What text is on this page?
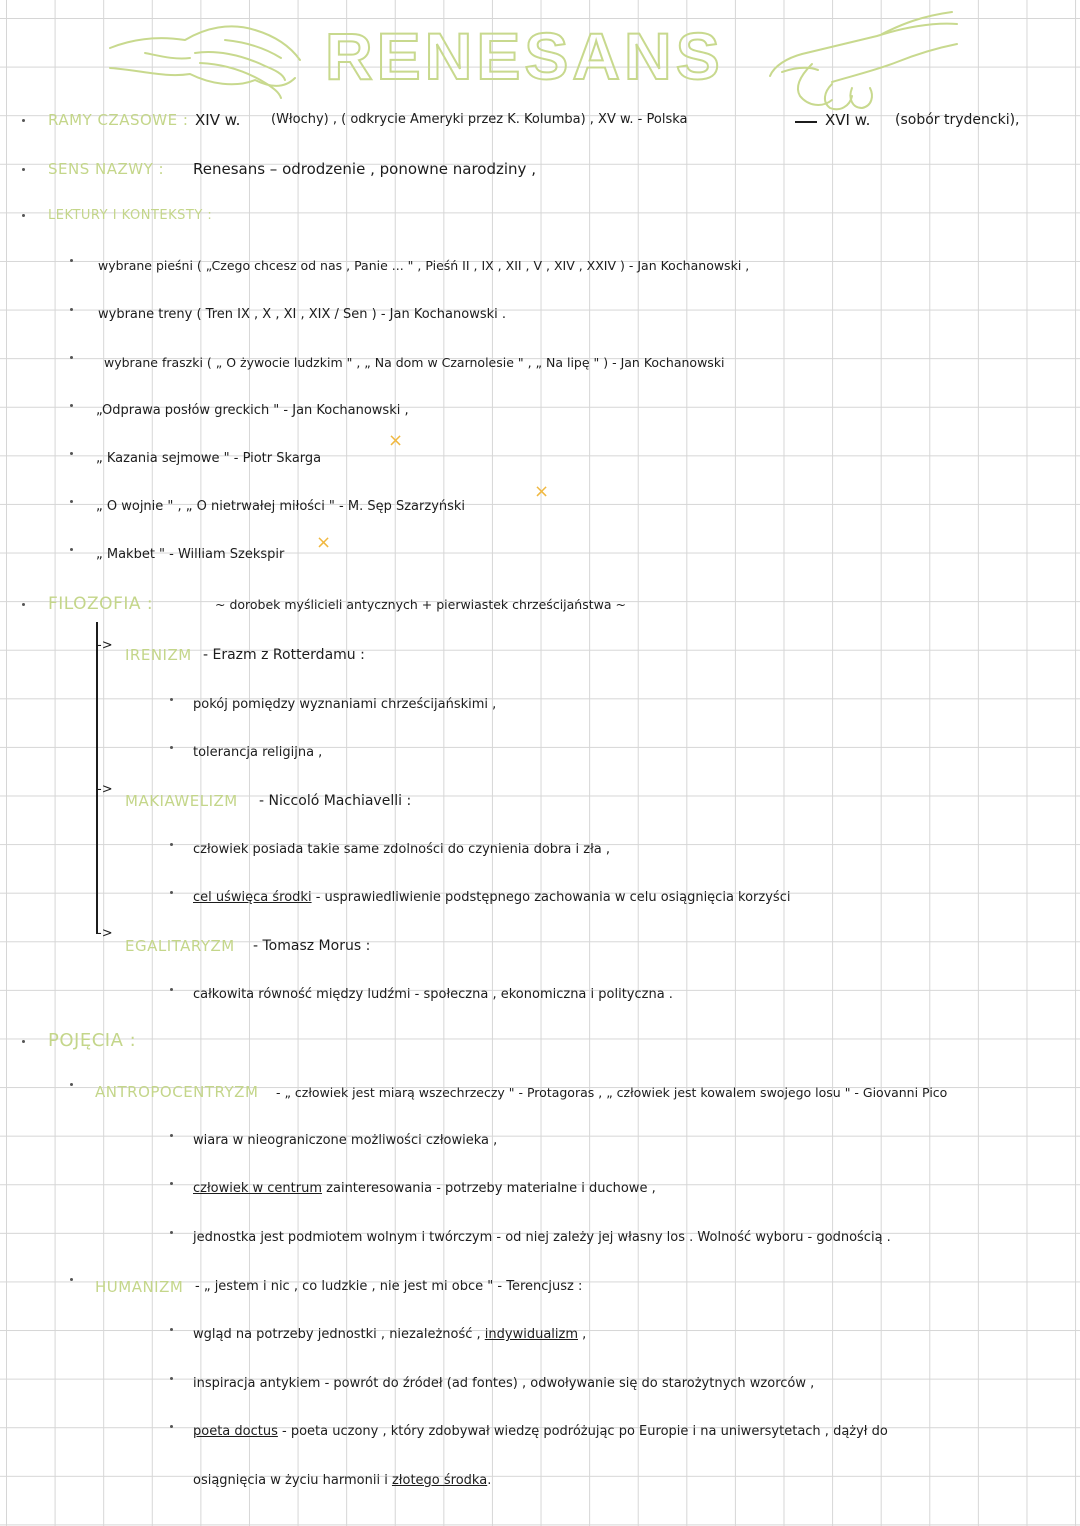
RENESANS
RAMY CZASOWE : XIV w. (Włochy) , ( odkrycie Ameryki przez K. Kolumba) , XV w. - Polska	XVI w. (sobór trydencki),
SENS NAZWY : Renesans – odrodzenie , ponowne narodziny ,
LEKTURY I KONTEKSTY :
wybrane pieśni ( „Czego chcesz od nas , Panie ... " , Pieśń II , IX , XII , V , XIV , XXIV ) - Jan Kochanowski ,
wybrane treny ( Tren IX , X , XI , XIX / Sen ) - Jan Kochanowski .
wybrane fraszki ( „ O żywocie ludzkim " , „ Na dom w Czarnolesie " , „ Na lipę " ) - Jan Kochanowski
„Odprawa posłów greckich " - Jan Kochanowski ,
„ Kazania sejmowe " - Piotr Skarga
„ O wojnie " , „ O nietrwałej miłości " - M. Sęp Szarzyński
„ Makbet " - William Szekspir
×
×
×
FILOZOFIA :	~ dorobek myślicieli antycznych + pierwiastek chrześcijaństwa ~
->
->
->
IRENIZM - Erazm z Rotterdamu :
pokój pomiędzy wyznaniami chrześcijańskimi ,
tolerancja religijna ,
MAKIAWELIZM - Niccoló Machiavelli :
człowiek posiada takie same zdolności do czynienia dobra i zła ,
cel uświęca środki - usprawiedliwienie podstępnego zachowania w celu osiągnięcia korzyści
EGALITARYZM - Tomasz Morus :
całkowita równość między ludźmi - społeczna , ekonomiczna i polityczna .
POJĘCIA :
ANTROPOCENTRYZM - „ człowiek jest miarą wszechrzeczy " - Protagoras , „ człowiek jest kowalem swojego losu " - Giovanni Pico
wiara w nieograniczone możliwości człowieka ,
człowiek w centrum zainteresowania - potrzeby materialne i duchowe ,
jednostka jest podmiotem wolnym i twórczym - od niej zależy jej własny los . Wolność wyboru - godnością .
HUMANIZM - „ jestem i nic , co ludzkie , nie jest mi obce " - Terencjusz :
wgląd na potrzeby jednostki , niezależność , indywidualizm ,
inspiracja antykiem - powrót do źródeł (ad fontes) , odwoływanie się do starożytnych wzorców ,
poeta doctus - poeta uczony , który zdobywał wiedzę podróżując po Europie i na uniwersytetach , dążył do
osiągnięcia w życiu harmonii i złotego środka.
